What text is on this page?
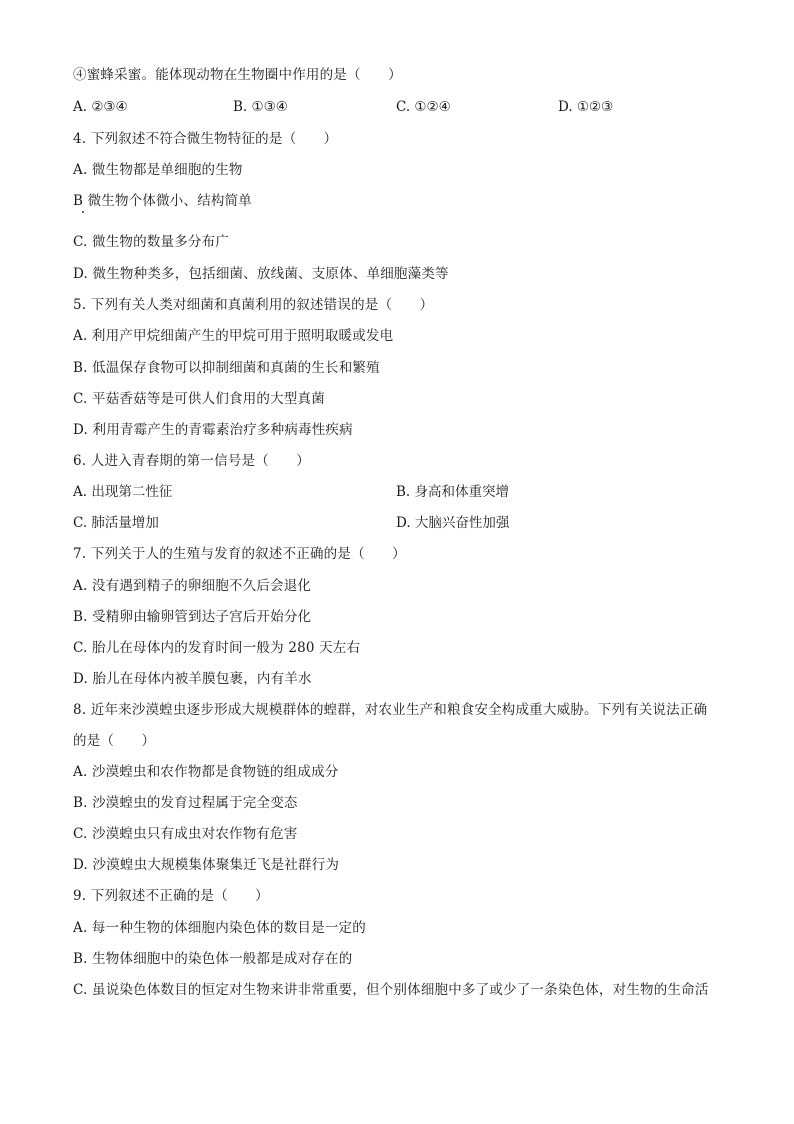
④蜜蜂采蜜。能体现动物在生物圈中作用的是（　　）
A. ②③④	B. ①③④	C. ①②④	D. ①②③
4. 下列叙述不符合微生物特征的是（　　）
A. 微生物都是单细胞的生物
B 微生物个体微小、结构简单
C. 微生物的数量多分布广
D. 微生物种类多，包括细菌、放线菌、支原体、单细胞藻类等
5. 下列有关人类对细菌和真菌利用的叙述错误的是（　　）
A. 利用产甲烷细菌产生的甲烷可用于照明取暖或发电
B. 低温保存食物可以抑制细菌和真菌的生长和繁殖
C. 平菇香菇等是可供人们食用的大型真菌
D. 利用青霉产生的青霉素治疗多种病毒性疾病
6. 人进入青春期的第一信号是（　　）
A. 出现第二性征	B. 身高和体重突增
C. 肺活量增加	D. 大脑兴奋性加强
7. 下列关于人的生殖与发育的叙述不正确的是（　　）
A. 没有遇到精子的卵细胞不久后会退化
B. 受精卵由输卵管到达子宫后开始分化
C. 胎儿在母体内的发育时间一般为 280 天左右
D. 胎儿在母体内被羊膜包裹，内有羊水
8. 近年来沙漠蝗虫逐步形成大规模群体的蝗群，对农业生产和粮食安全构成重大威胁。下列有关说法正确
的是（　　）
A. 沙漠蝗虫和农作物都是食物链的组成成分
B. 沙漠蝗虫的发育过程属于完全变态
C. 沙漠蝗虫只有成虫对农作物有危害
D. 沙漠蝗虫大规模集体聚集迁飞是社群行为
9. 下列叙述不正确的是（　　）
A. 每一种生物的体细胞内染色体的数目是一定的
B. 生物体细胞中的染色体一般都是成对存在的
C. 虽说染色体数目的恒定对生物来讲非常重要，但个别体细胞中多了或少了一条染色体，对生物的生命活
